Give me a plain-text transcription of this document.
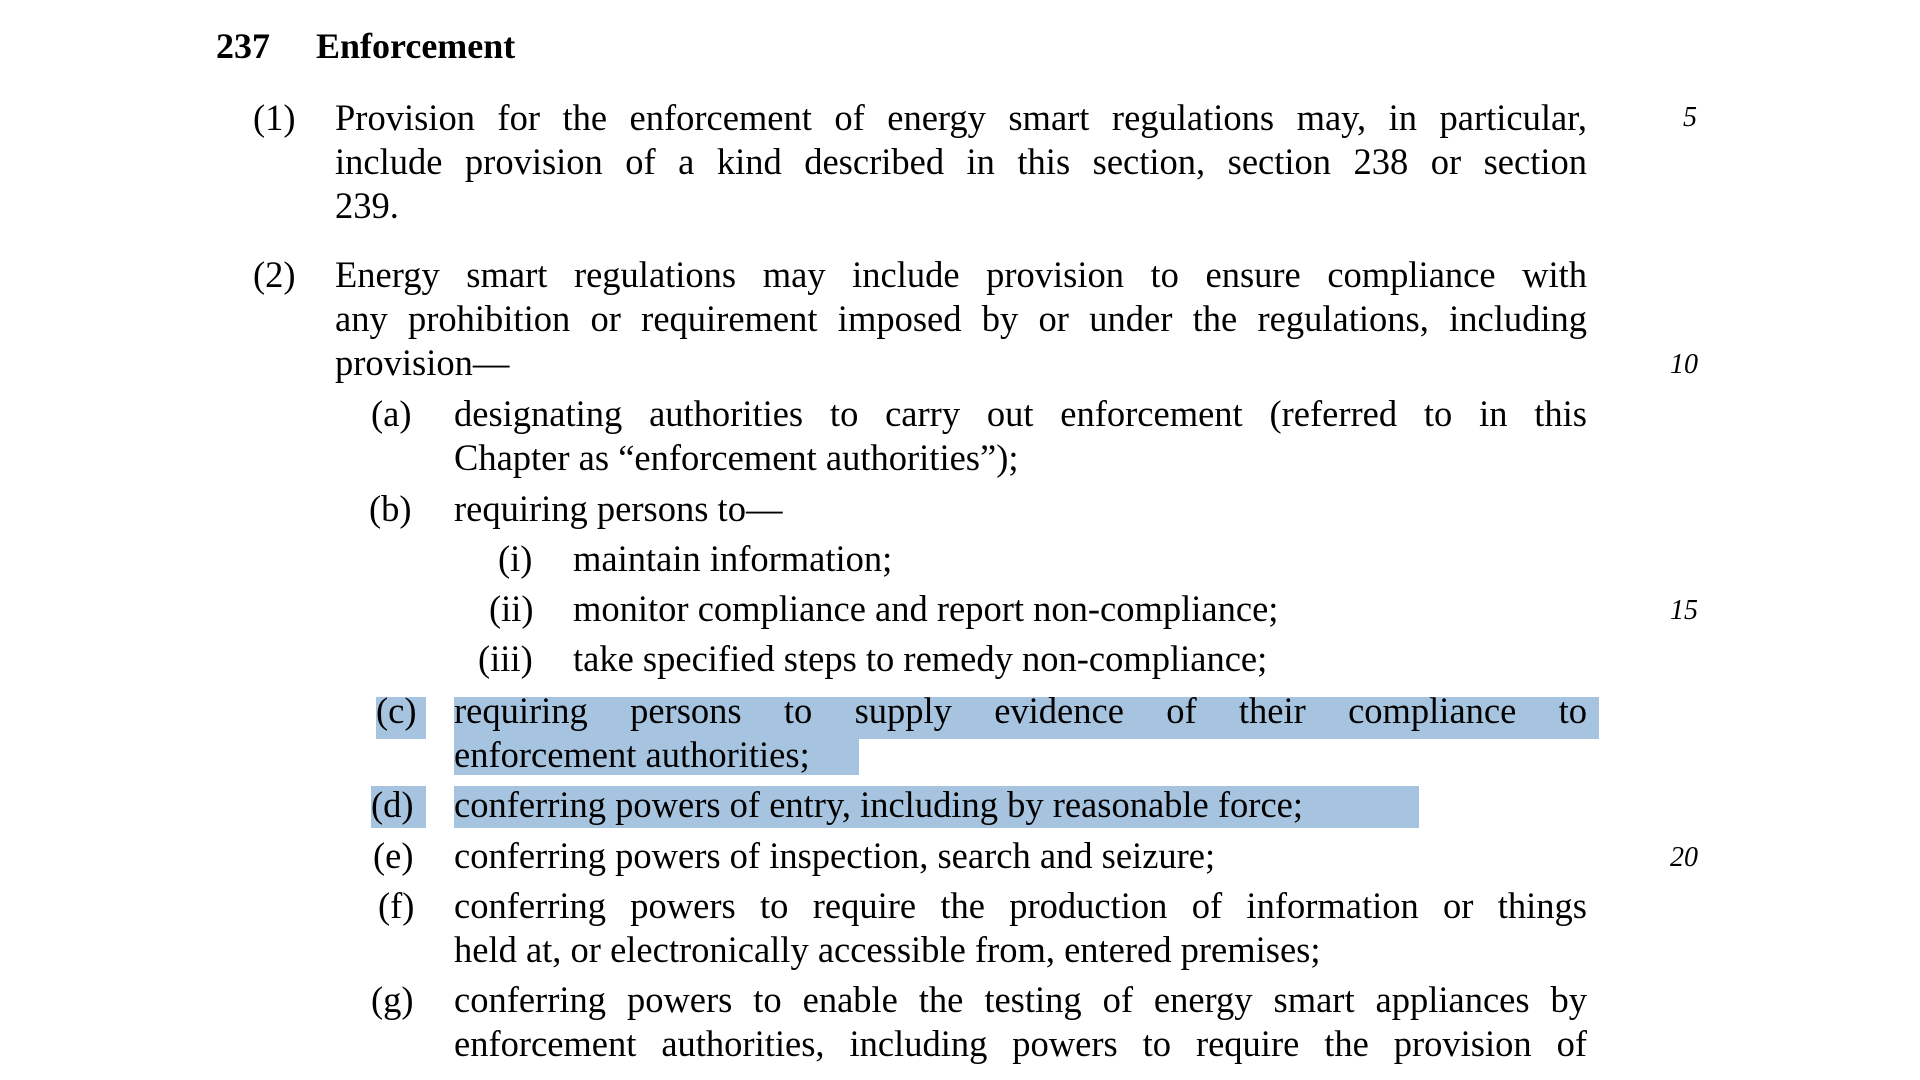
237 Enforcement
(1) Provision for the enforcement of energy smart regulations may, in particular,
include provision of a kind described in this section, section 238 or section
239.
5
(2) Energy smart regulations may include provision to ensure compliance with
any prohibition or requirement imposed by or under the regulations, including
provision—	10
(a) designating authorities to carry out enforcement (referred to in this
Chapter as “enforcement authorities”);
(b) requiring persons to—
(i) maintain information;
(ii) monitor compliance and report non-compliance;	15
(iii) take specified steps to remedy non-compliance;
(c) requiring persons to supply evidence of their compliance to
enforcement authorities;
(d) conferring powers of entry, including by reasonable force;
(e) conferring powers of inspection, search and seizure;	20
(f) conferring powers to require the production of information or things
held at, or electronically accessible from, entered premises;
(g) conferring powers to enable the testing of energy smart appliances by
enforcement authorities, including powers to require the provision of
